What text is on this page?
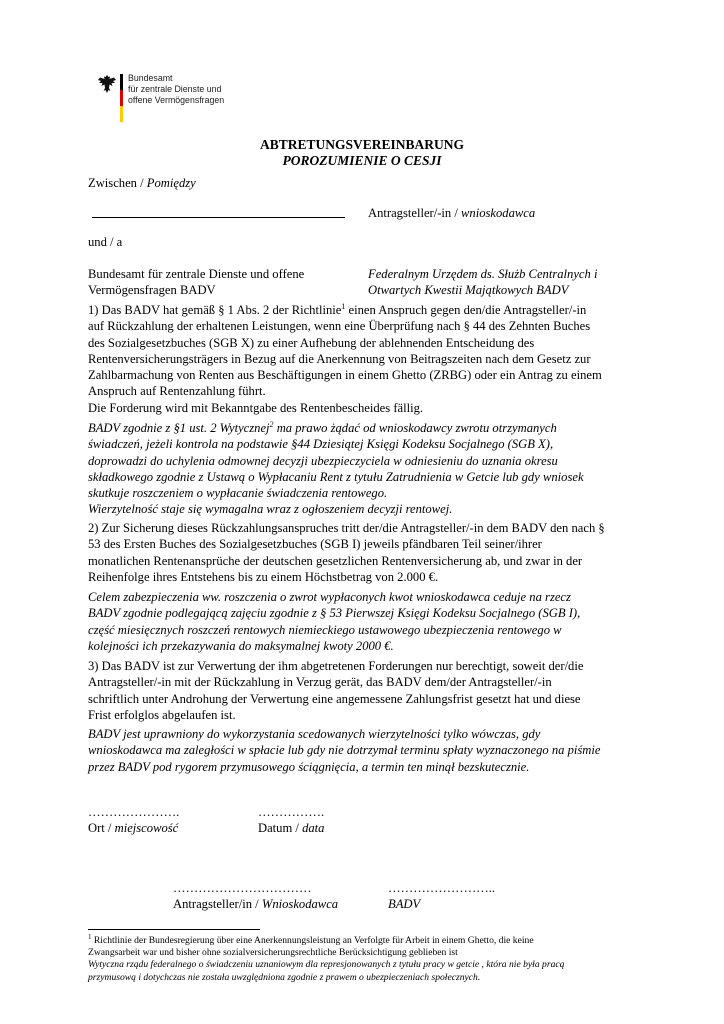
Bundesamt
für zentrale Dienste und
offene Vermögensfragen
ABTRETUNGSVEREINBARUNG
POROZUMIENIE O CESJI
Zwischen / Pomiędzy
Antragsteller/-in / wnioskodawca
und / a
Bundesamt für zentrale Dienste und offene
Vermögensfragen BADV
Federalnym Urzędem ds. Służb Centralnych i
Otwartych Kwestii Majątkowych BADV
1) Das BADV hat gemäß § 1 Abs. 2 der Richtlinie$^1$ einen Anspruch gegen den/die Antragsteller/-in
auf Rückzahlung der erhaltenen Leistungen, wenn eine Überprüfung nach § 44 des Zehnten Buches
des Sozialgesetzbuches (SGB X) zu einer Aufhebung der ablehnenden Entscheidung des
Rentenversicherungsträgers in Bezug auf die Anerkennung von Beitragszeiten nach dem Gesetz zur
Zahlbarmachung von Renten aus Beschäftigungen in einem Ghetto (ZRBG) oder ein Antrag zu einem
Anspruch auf Rentenzahlung führt.
Die Forderung wird mit Bekanntgabe des Rentenbescheides fällig.
BADV zgodnie z §1 ust. 2 Wytycznej$^2$ ma prawo żądać od wnioskodawcy zwrotu otrzymanych
świadczeń, jeżeli kontrola na podstawie §44 Dziesiątej Księgi Kodeksu Socjalnego (SGB X),
doprowadzi do uchylenia odmownej decyzji ubezpieczyciela w odniesieniu do uznania okresu
składkowego zgodnie z Ustawą o Wypłacaniu Rent z tytułu Zatrudnienia w Getcie lub gdy wniosek
skutkuje roszczeniem o wypłacanie świadczenia rentowego.
Wierzytelność staje się wymagalna wraz z ogłoszeniem decyzji rentowej.
2) Zur Sicherung dieses Rückzahlungsanspruches tritt der/die Antragsteller/-in dem BADV den nach §
53 des Ersten Buches des Sozialgesetzbuches (SGB I) jeweils pfändbaren Teil seiner/ihrer
monatlichen Rentenansprüche der deutschen gesetzlichen Rentenversicherung ab, und zwar in der
Reihenfolge ihres Entstehens bis zu einem Höchstbetrag von 2.000 €.
Celem zabezpieczenia ww. roszczenia o zwrot wypłaconych kwot wnioskodawca ceduje na rzecz
BADV zgodnie podlegającą zajęciu zgodnie z § 53 Pierwszej Księgi Kodeksu Socjalnego (SGB I),
część miesięcznych roszczeń rentowych niemieckiego ustawowego ubezpieczenia rentowego w
kolejności ich przekazywania do maksymalnej kwoty 2000 €.
3) Das BADV ist zur Verwertung der ihm abgetretenen Forderungen nur berechtigt, soweit der/die
Antragsteller/-in mit der Rückzahlung in Verzug gerät, das BADV dem/der Antragsteller/-in
schriftlich unter Androhung der Verwertung eine angemessene Zahlungsfrist gesetzt hat und diese
Frist erfolglos abgelaufen ist.
BADV jest uprawniony do wykorzystania scedowanych wierzytelności tylko wówczas, gdy
wnioskodawca ma zaległości w spłacie lub gdy nie dotrzymał terminu spłaty wyznaczonego na piśmie
przez BADV pod rygorem przymusowego ściągnięcia, a termin ten minął bezskutecznie.
………………….
Ort / miejscowość
…………….
Datum / data
……………………………
Antragsteller/in / Wnioskodawca
……………………..
BADV
$^1$ Richtlinie der Bundesregierung über eine Anerkennungsleistung an Verfolgte für Arbeit in einem Ghetto, die keine
Zwangsarbeit war und bisher ohne sozialversicherungsrechtliche Berücksichtigung geblieben ist
Wytyczna rządu federalnego o świadczeniu uznaniowym dla represjonowanych z tytułu pracy w getcie , która nie była pracą
przymusową i dotychczas nie została uwzględniona zgodnie z prawem o ubezpieczeniach społecznych.
